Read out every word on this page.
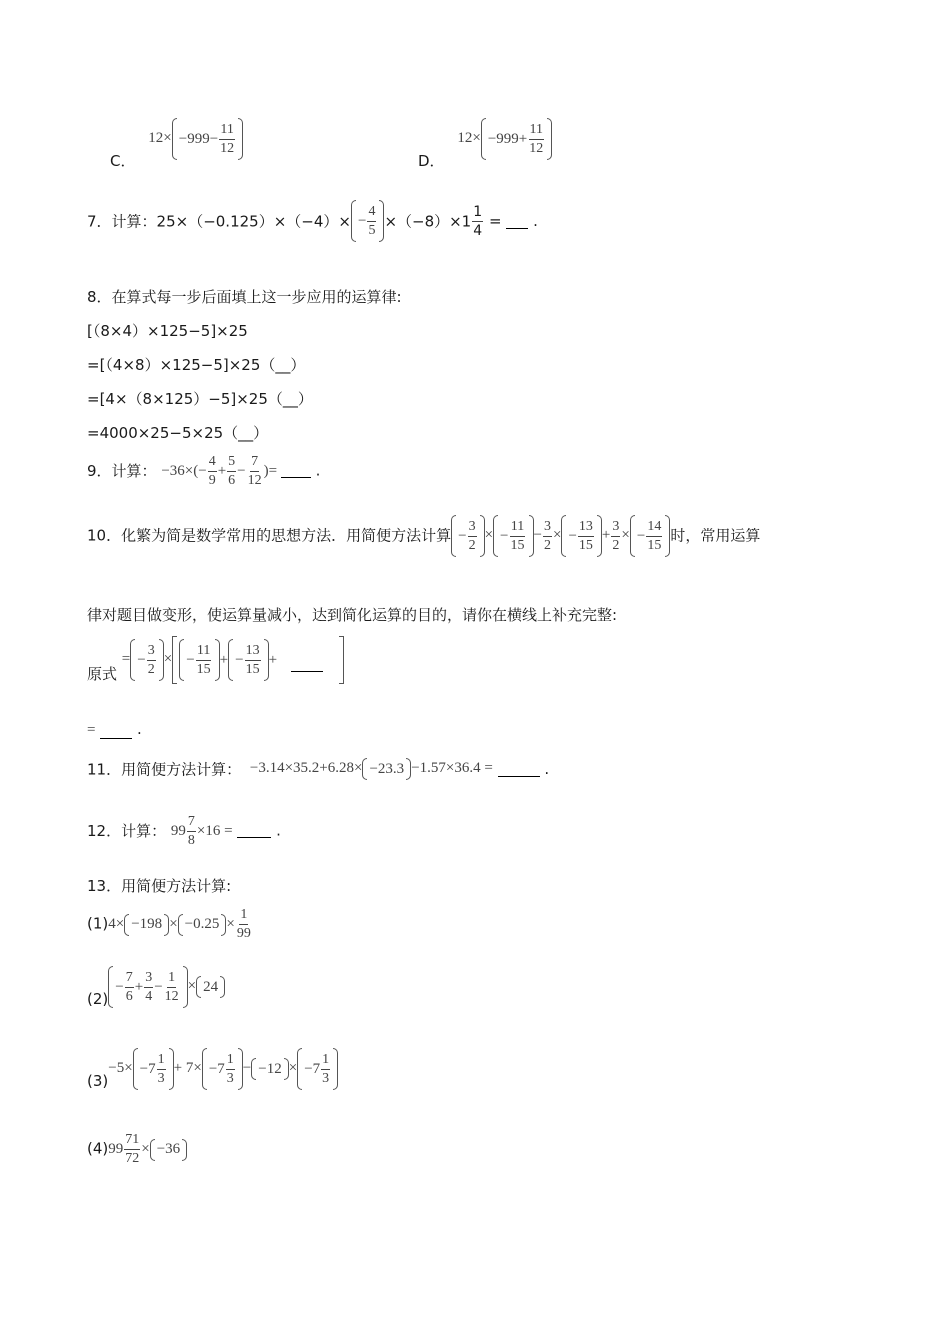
C． $12\times -999 - \frac{11}{12}$
D． $12\times -999 + \frac{11}{12}$
7．计算：$25\times(-0.125)\times(-4)\times - \frac{4}{5} \times(-8)\times 1 \frac{1}{4}$ = .
8．在算式每一步后面填上这一步应用的运算律:
[（8×4）×125−5]×25
=[（4×8）×125−5]×25（__）
=[4×（8×125）−5]×25（__）
=4000×25−5×25（__）
9．计算： $-36\times(- \frac{4}{9} + \frac{5}{6} - \frac{7}{12}$ )=	.
10．化繁为简是数学常用的思想方法．用简便方法计算 − $\frac{3}{2}$ × − $\frac{11}{15} - \frac{3}{2}$ × − $\frac{13}{15} + \frac{3}{2}$ × − $\frac{14}{15}$ 时，常用运算
律对题目做变形，使运算量减小，达到简化运算的目的，请你在横线上补充完整:
原式 = − $\frac{3}{2}$ × − $\frac{11}{15}$ + − $\frac{13}{15}$ +
=	.
11．用简便方法计算： −3.14×35.2+6.28× −23.3 −1.57×36.4 =	.
12．计算： $99 \frac{7}{8} \times 16$ =	.
13．用简便方法计算:
$(1)4\times -198 \times -0.25 \times \frac{1}{99}$
(2)
− $\frac{7}{6} + \frac{3}{4} - \frac{1}{12} \times 24$
$(3)-5\times -7 \frac{1}{3} + 7\times -7 \frac{1}{3} - -12 \times -7 \frac{1}{3}$
$(4)99 \frac{71}{72} \times -36$
